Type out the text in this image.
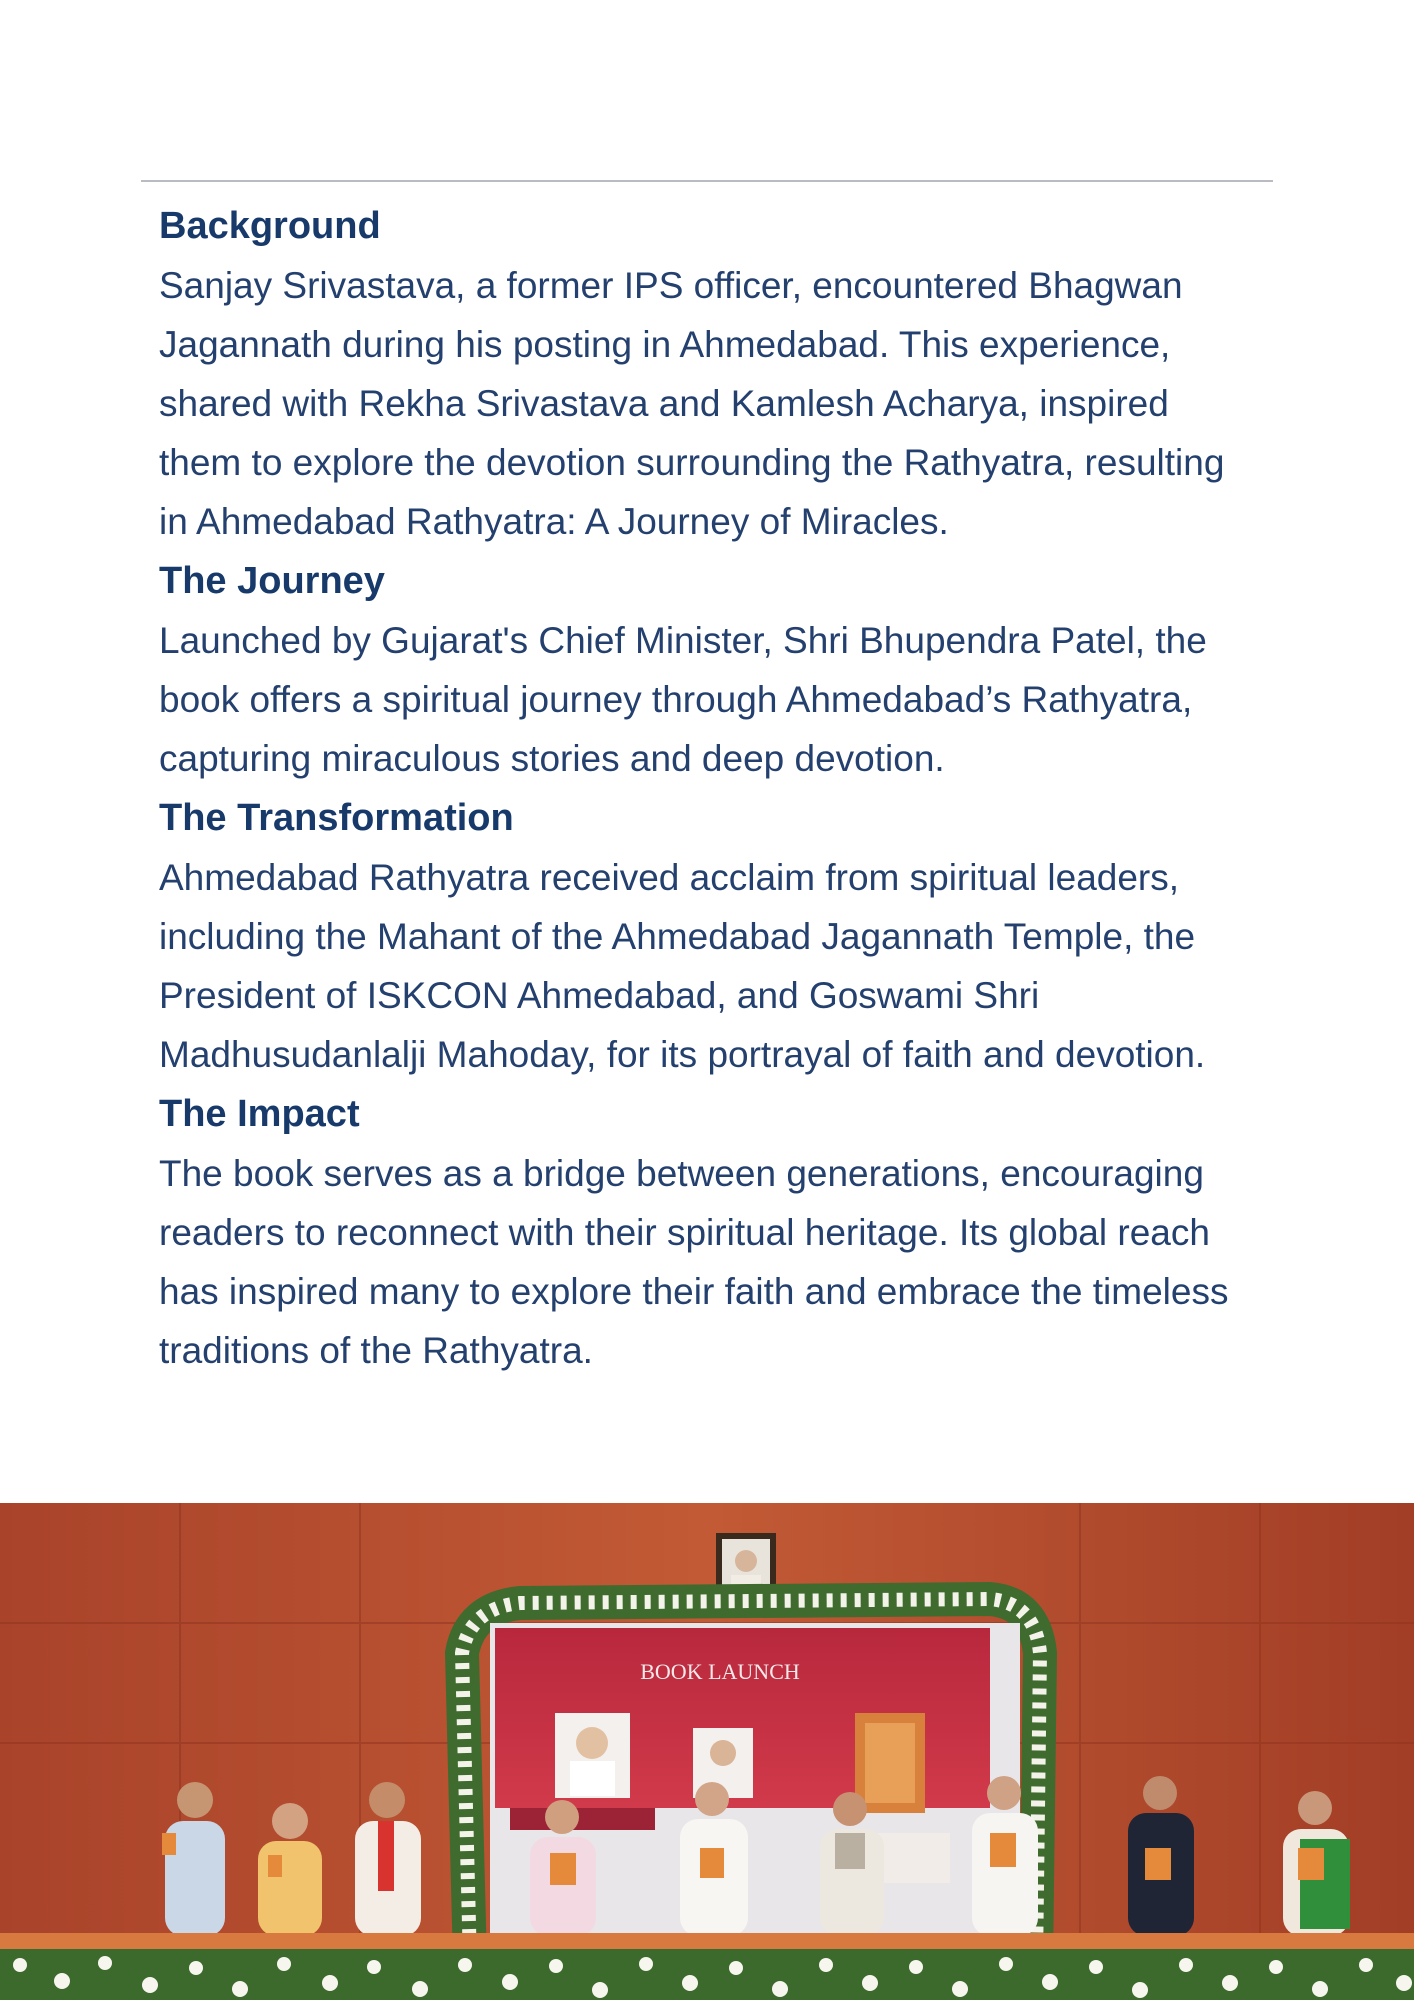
Background

Sanjay Srivastava, a former IPS officer, encountered Bhagwan Jagannath during his posting in Ahmedabad. This experience, shared with Rekha Srivastava and Kamlesh Acharya, inspired them to explore the devotion surrounding the Rathyatra, resulting in Ahmedabad Rathyatra: A Journey of Miracles.

The Journey

Launched by Gujarat's Chief Minister, Shri Bhupendra Patel, the book offers a spiritual journey through Ahmedabad’s Rathyatra, capturing miraculous stories and deep devotion.

The Transformation

Ahmedabad Rathyatra received acclaim from spiritual leaders, including the Mahant of the Ahmedabad Jagannath Temple, the President of ISKCON Ahmedabad, and Goswami Shri Madhusudanlalji Mahoday, for its portrayal of faith and devotion.

The Impact

The book serves as a bridge between generations, encouraging readers to reconnect with their spiritual heritage. Its global reach has inspired many to explore their faith and embrace the timeless traditions of the Rathyatra.

BOOK LAUNCH
